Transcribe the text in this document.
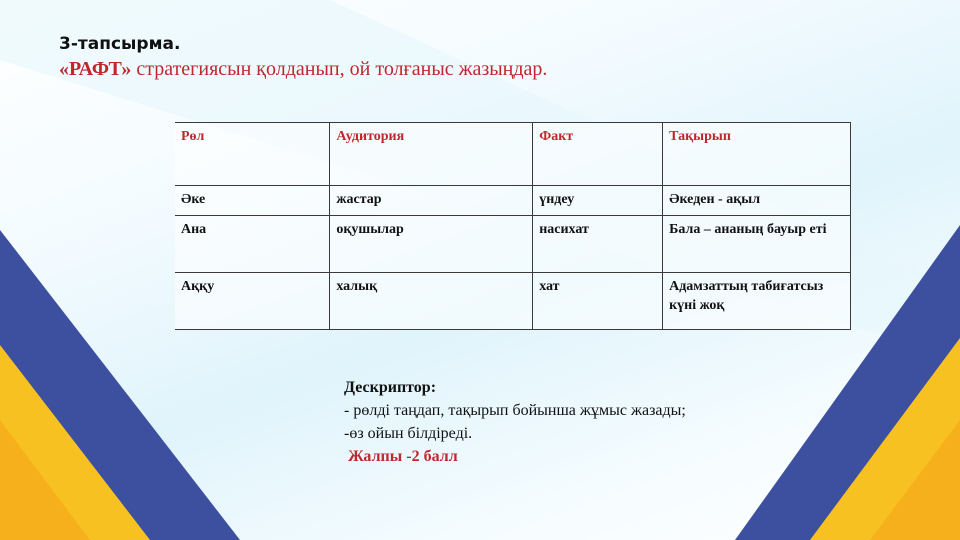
3-тапсырма.
«РАФТ» стратегиясын қолданып, ой толғаныс жазыңдар.
Рөл	Аудитория	Факт	Тақырып
Әке	жастар	үндеу	Әкеден - ақыл
Ана	оқушылар	насихат	Бала – ананың бауыр еті
Аққу	халық	хат	Адамзаттың табиғатсыз күні жоқ
Дескриптор:
- рөлді таңдап, тақырып бойынша жұмыс жазады;
-өз ойын білдіреді.
Жалпы -2 балл
